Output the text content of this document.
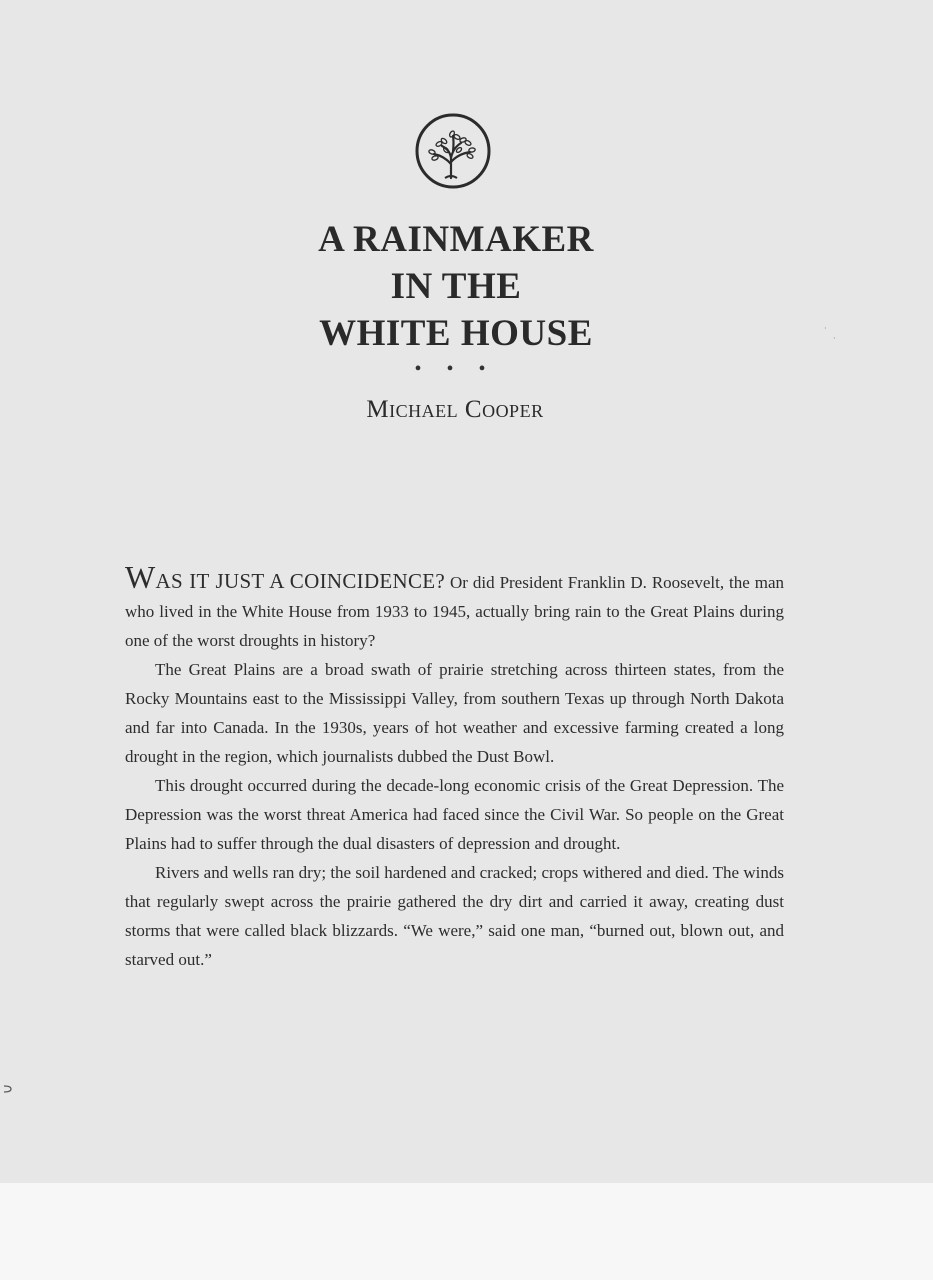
A RAINMAKER
IN THE
WHITE HOUSE
• • •
Michael Cooper

WAS IT JUST A COINCIDENCE? Or did President Franklin D. Roosevelt, the man who lived in the White House from 1933 to 1945, actually bring rain to the Great Plains during one of the worst droughts in history?

The Great Plains are a broad swath of prairie stretching across thirteen states, from the Rocky Mountains east to the Mississippi Valley, from southern Texas up through North Dakota and far into Canada. In the 1930s, years of hot weather and excessive farming created a long drought in the region, which journalists dubbed the Dust Bowl.

This drought occurred during the decade-long economic crisis of the Great Depression. The Depression was the worst threat America had faced since the Civil War. So people on the Great Plains had to suffer through the dual disasters of depression and drought.

Rivers and wells ran dry; the soil hardened and cracked; crops withered and died. The winds that regularly swept across the prairie gathered the dry dirt and carried it away, creating dust storms that were called black blizzards. “We were,” said one man, “burned out, blown out, and starved out.”

·
·
